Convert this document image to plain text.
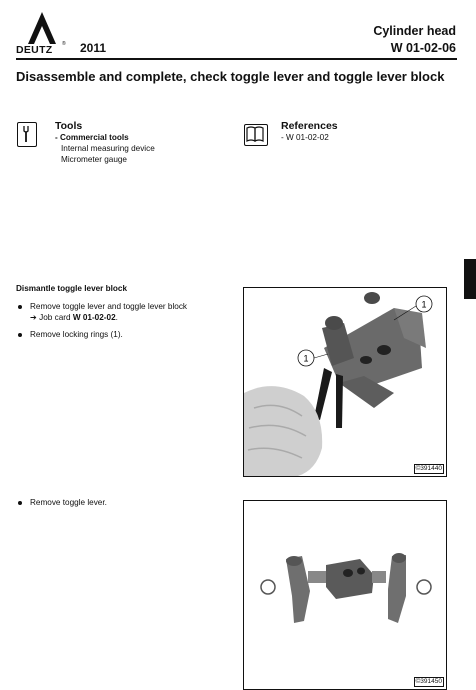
DEUTZ ® 2011
Cylinder head
W 01-02-06
Disassemble and complete, check toggle lever and toggle lever block
Tools
- Commercial tools
Internal measuring device
Micrometer gauge
References
- W 01-02-02
Dismantle toggle lever block
Remove toggle lever and toggle lever block
➔ Job card W 01-02-02.
Remove locking rings (1).
Remove toggle lever.
1
1
©391440
©391450
